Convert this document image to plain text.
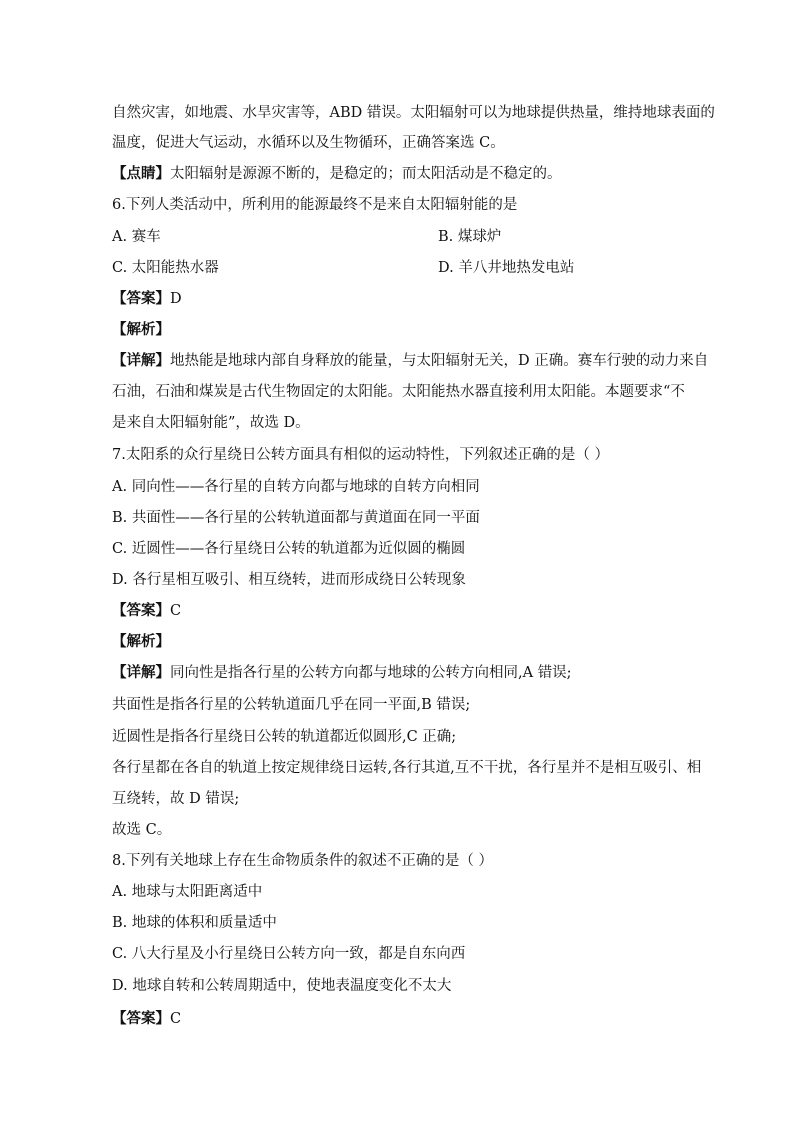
自然灾害，如地震、水旱灾害等，ABD 错误。太阳辐射可以为地球提供热量，维持地球表面的
温度，促进大气运动，水循环以及生物循环，正确答案选 C。
【点睛】太阳辐射是源源不断的，是稳定的；而太阳活动是不稳定的。
6.下列人类活动中，所利用的能源最终不是来自太阳辐射能的是
A. 赛车	B. 煤球炉
C. 太阳能热水器	D. 羊八井地热发电站
【答案】D
【解析】
【详解】地热能是地球内部自身释放的能量，与太阳辐射无关，D 正确。赛车行驶的动力来自
石油，石油和煤炭是古代生物固定的太阳能。太阳能热水器直接利用太阳能。本题要求“不
是来自太阳辐射能”，故选 D。
7.太阳系的众行星绕日公转方面具有相似的运动特性，下列叙述正确的是（ ）
A. 同向性——各行星的自转方向都与地球的自转方向相同
B. 共面性——各行星的公转轨道面都与黄道面在同一平面
C. 近圆性——各行星绕日公转的轨道都为近似圆的椭圆
D. 各行星相互吸引、相互绕转，进而形成绕日公转现象
【答案】C
【解析】
【详解】同向性是指各行星的公转方向都与地球的公转方向相同,A 错误;
共面性是指各行星的公转轨道面几乎在同一平面,B 错误;
近圆性是指各行星绕日公转的轨道都近似圆形,C 正确;
各行星都在各自的轨道上按定规律绕日运转,各行其道,互不干扰，各行星并不是相互吸引、相
互绕转，故 D 错误;
故选 C。
8.下列有关地球上存在生命物质条件的叙述不正确的是（ ）
A. 地球与太阳距离适中
B. 地球的体积和质量适中
C. 八大行星及小行星绕日公转方向一致，都是自东向西
D. 地球自转和公转周期适中，使地表温度变化不太大
【答案】C
